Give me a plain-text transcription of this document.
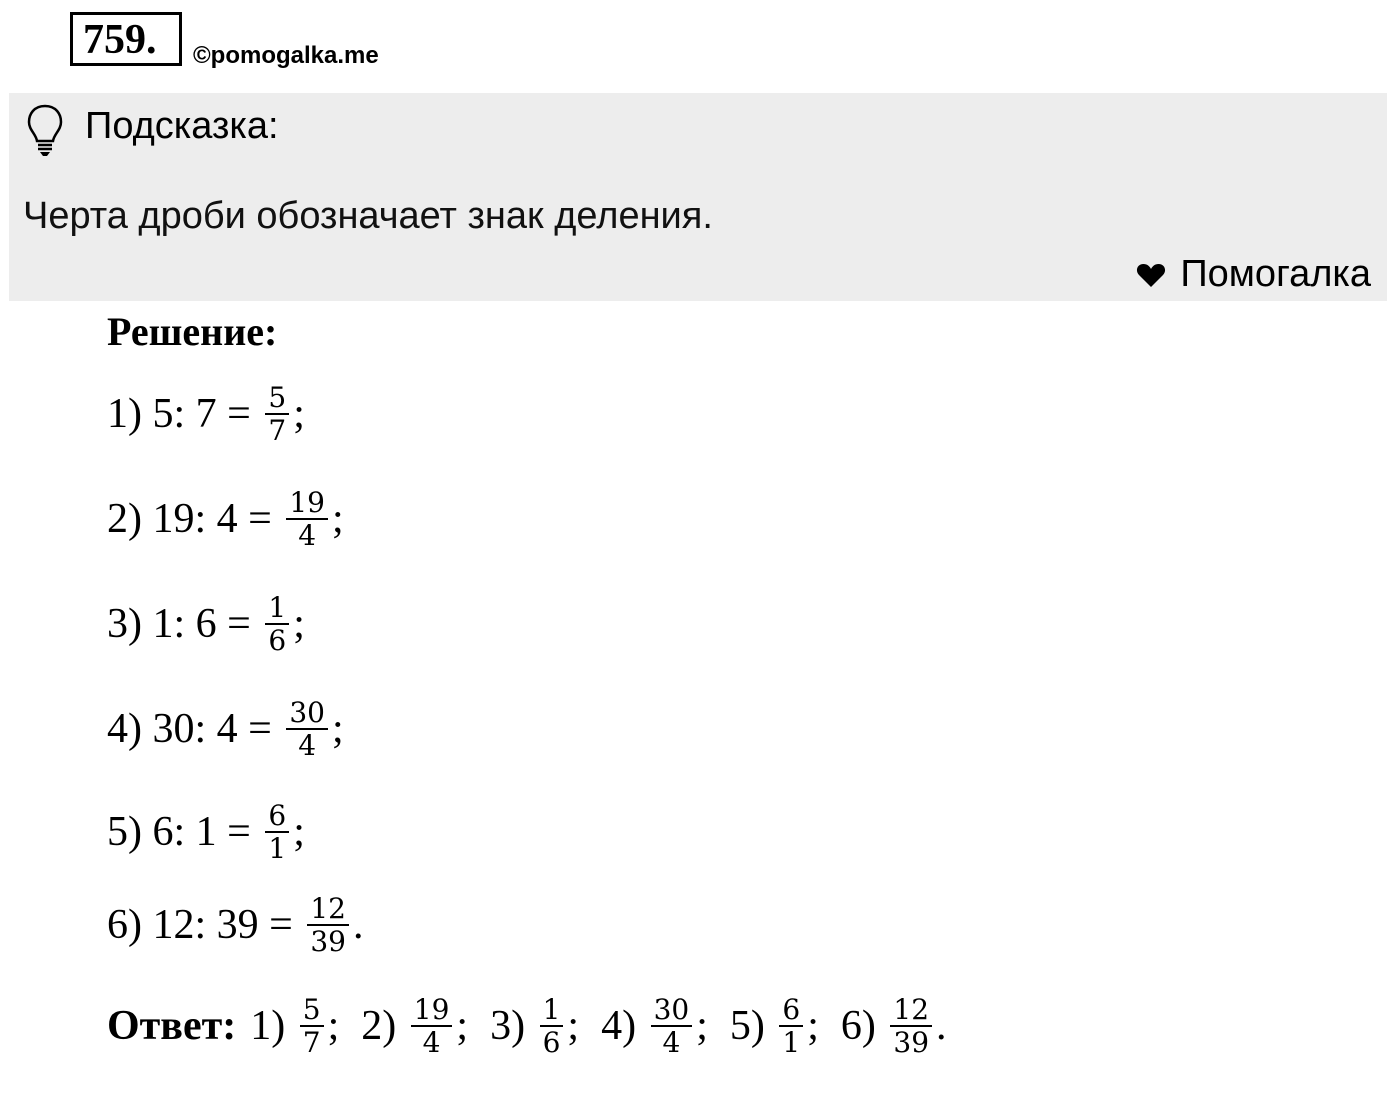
759.	©pomogalka.me
Подсказка:
Черта дроби обозначает знак деления.
Помогалка
Решение:
1) 5: $7 = \frac{5}{7}$ ;
2) 19: $4 = \frac{19}{4}$ ;
3) 1: $6 = \frac{1}{6}$ ;
4) 30: $4 = \frac{30}{4}$ ;
5) 6: $1 = \frac{6}{1}$ ;
6) 12: $39 = \frac{12}{39}$ .
Ответ: $1) \frac{5}{7}$ ; $2) \frac{19}{4}$ ; $3) \frac{1}{6}$ ; $4) \frac{30}{4}$ ; $5) \frac{6}{1}$ ; $6) \frac{12}{39}$ .
